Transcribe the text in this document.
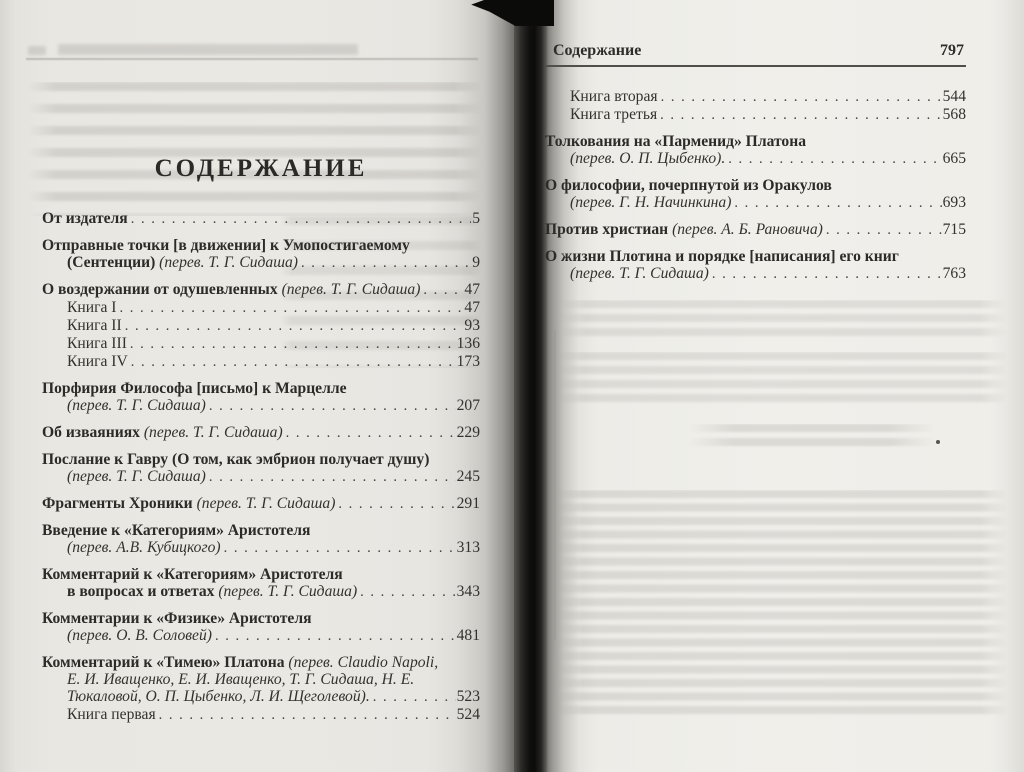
СОДЕРЖАНИЕ
От издателя . . .	5
Отправные точки [в движении] к Умопостигаемому
(Сентенции) (перев. Т. Г. Сидаша) . . .	9
О воздержании от одушевленных (перев. Т. Г. Сидаша) . . .	47
Книга I . . .	47
Книга II . . .	93
Книга III . . .	136
Книга IV . . .	173
Порфирия Философа [письмо] к Марцелле
(перев. Т. Г. Сидаша) . . .	207
Об изваяниях (перев. Т. Г. Сидаша) . . .	229
Послание к Гавру (О том, как эмбрион получает душу)
(перев. Т. Г. Сидаша) . . .	245
Фрагменты Хроники (перев. Т. Г. Сидаша) . . .	291
Введение к «Категориям» Аристотеля
(перев. А.В. Кубицкого) . . .	313
Комментарий к «Категориям» Аристотеля
в вопросах и ответах (перев. Т. Г. Сидаша) . . .	343
Комментарии к «Физике» Аристотеля
(перев. О. В. Соловей) . . .	481
Комментарий к «Тимею» Платона (перев. Claudio Napoli,
Е. И. Иващенко, Е. И. Иващенко, Т. Г. Сидаша, Н. Е.
Тюкаловой, О. П. Цыбенко, Л. И. Щеголевой). . . .	523
Книга первая . . .	524
Содержание	797
Книга вторая . . .	544
Книга третья . . .	568
Толкования на «Парменид» Платона
(перев. О. П. Цыбенко). . . .	665
О философии, почерпнутой из Оракулов
(перев. Г. Н. Начинкина) . . .	693
Против христиан (перев. А. Б. Рановича) . . .	715
О жизни Плотина и порядке [написания] его книг
(перев. Т. Г. Сидаша) . . .	763
